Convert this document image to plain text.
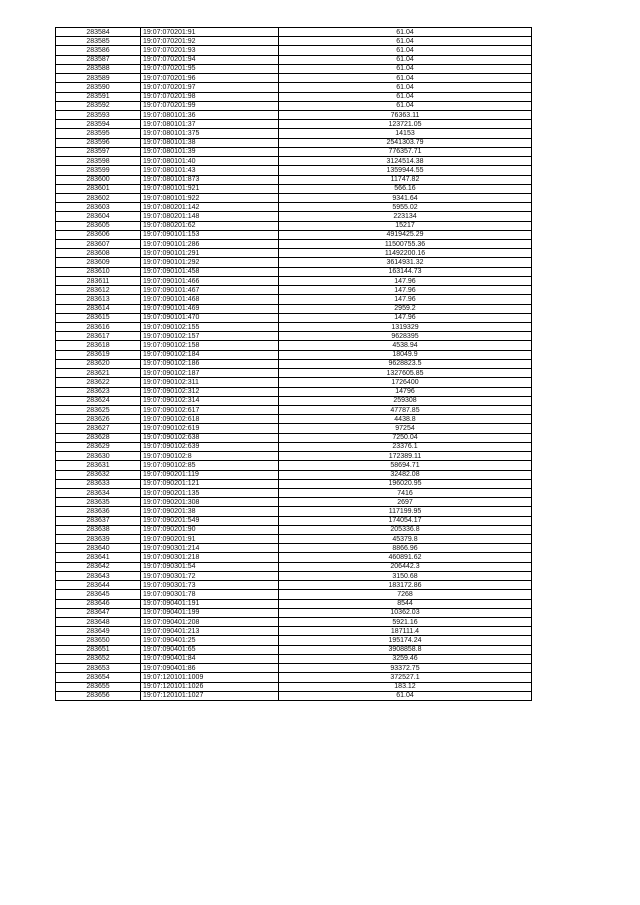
283584	19:07:070201:91	61.04
283585	19:07:070201:92	61.04
283586	19:07:070201:93	61.04
283587	19:07:070201:94	61.04
283588	19:07:070201:95	61.04
283589	19:07:070201:96	61.04
283590	19:07:070201:97	61.04
283591	19:07:070201:98	61.04
283592	19:07:070201:99	61.04
283593	19:07:080101:36	76363.11
283594	19:07:080101:37	123721.05
283595	19:07:080101:375	14153
283596	19:07:080101:38	2541303.79
283597	19:07:080101:39	776357.71
283598	19:07:080101:40	3124514.38
283599	19:07:080101:43	1359944.55
283600	19:07:080101:873	11747.82
283601	19:07:080101:921	566.16
283602	19:07:080101:922	9341.64
283603	19:07:080201:142	5955.02
283604	19:07:080201:148	223134
283605	19:07:080201:62	15217
283606	19:07:090101:153	4919425.29
283607	19:07:090101:286	11500755.36
283608	19:07:090101:291	11492200.16
283609	19:07:090101:292	3614931.32
283610	19:07:090101:458	163144.73
283611	19:07:090101:466	147.96
283612	19:07:090101:467	147.96
283613	19:07:090101:468	147.96
283614	19:07:090101:469	2959.2
283615	19:07:090101:470	147.96
283616	19:07:090102:155	1319329
283617	19:07:090102:157	9628395
283618	19:07:090102:158	4538.94
283619	19:07:090102:184	18049.9
283620	19:07:090102:186	9628823.5
283621	19:07:090102:187	1327605.85
283622	19:07:090102:311	1726400
283623	19:07:090102:312	14796
283624	19:07:090102:314	259308
283625	19:07:090102:617	47787.85
283626	19:07:090102:618	4438.8
283627	19:07:090102:619	97254
283628	19:07:090102:638	7250.04
283629	19:07:090102:639	23376.1
283630	19:07:090102:8	172389.11
283631	19:07:090102:85	58694.71
283632	19:07:090201:119	32482.08
283633	19:07:090201:121	196020.95
283634	19:07:090201:135	7416
283635	19:07:090201:308	2697
283636	19:07:090201:38	117199.95
283637	19:07:090201:549	174054.17
283638	19:07:090201:90	205336.8
283639	19:07:090201:91	45379.8
283640	19:07:090301:214	8866.96
283641	19:07:090301:218	460891.62
283642	19:07:090301:54	206442.3
283643	19:07:090301:72	3150.68
283644	19:07:090301:73	183172.86
283645	19:07:090301:78	7268
283646	19:07:090401:191	8544
283647	19:07:090401:199	10362.03
283648	19:07:090401:208	5921.16
283649	19:07:090401:213	187111.4
283650	19:07:090401:25	195174.24
283651	19:07:090401:65	3908858.8
283652	19:07:090401:84	3259.46
283653	19:07:090401:86	93372.75
283654	19:07:120101:1009	372527.1
283655	19:07:120101:1026	183.12
283656	19:07:120101:1027	61.04
